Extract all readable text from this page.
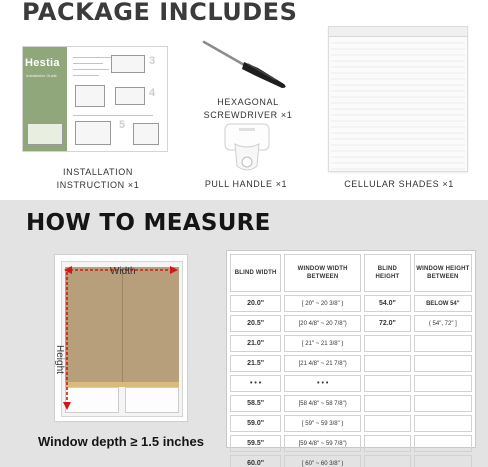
PACKAGE INCLUDES
Hestia
Installation Guide
3
4
5
INSTALLATION
INSTRUCTION ×1
HEXAGONAL
SCREWDRIVER ×1
PULL HANDLE ×1	CELLULAR SHADES ×1
HOW TO MEASURE
Width
Height
Window depth ≥ 1.5 inches
BLIND WIDTH	WINDOW WIDTH BETWEEN	BLIND HEIGHT	WINDOW HEIGHT BETWEEN
20.0"	[ 20" ~ 20 3/8" )	54.0"	BELOW 54"
20.5"	[20 4/8" ~ 20 7/8")	72.0"	( 54", 72" ]
21.0"	[ 21" ~ 21 3/8" )		
21.5"	[21 4/8" ~ 21 7/8")		
• • •	• • •		
58.5"	[58 4/8" ~ 58 7/8")		
59.0"	[ 59" ~ 59 3/8" )		
59.5"	[59 4/8" ~ 59 7/8")		
60.0"	[ 60" ~ 60 3/8" )		
